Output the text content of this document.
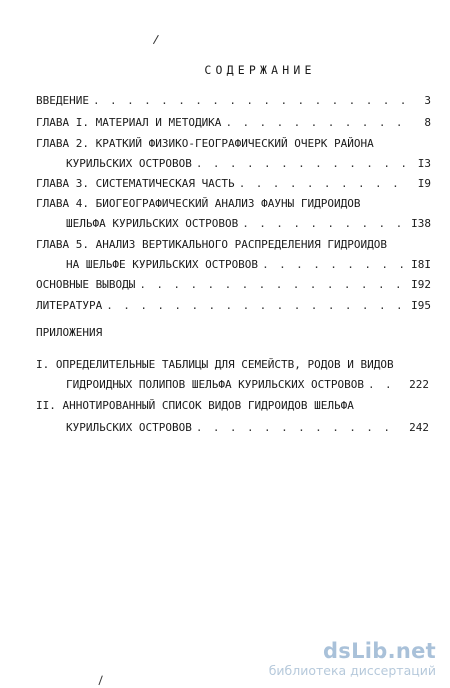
СОДЕРЖАНИЕ
ВВЕДЕНИЕ . . .	3
ГЛАВА I. МАТЕРИАЛ И МЕТОДИКА . . .	8
ГЛАВА 2. КРАТКИЙ ФИЗИКО-ГЕОГРАФИЧЕСКИЙ ОЧЕРК РАЙОНА
КУРИЛЬСКИХ ОСТРОВОВ . . .	I3
ГЛАВА 3. СИСТЕМАТИЧЕСКАЯ ЧАСТЬ . . .	I9
ГЛАВА 4. БИОГЕОГРАФИЧЕСКИЙ АНАЛИЗ ФАУНЫ ГИДРОИДОВ
ШЕЛЬФА КУРИЛЬСКИХ ОСТРОВОВ . . .	I38
ГЛАВА 5. АНАЛИЗ ВЕРТИКАЛЬНОГО РАСПРЕДЕЛЕНИЯ ГИДРОИДОВ
НА ШЕЛЬФЕ КУРИЛЬСКИХ ОСТРОВОВ . . .	I8I
ОСНОВНЫЕ ВЫВОДЫ . . .	I92
ЛИТЕРАТУРА . . .	I95
ПРИЛОЖЕНИЯ
I. ОПРЕДЕЛИТЕЛЬНЫЕ ТАБЛИЦЫ ДЛЯ СЕМЕЙСТВ, РОДОВ И ВИДОВ
ГИДРОИДНЫХ ПОЛИПОВ ШЕЛЬФА КУРИЛЬСКИХ ОСТРОВОВ . . .	222
II. АННОТИРОВАННЫЙ СПИСОК ВИДОВ ГИДРОИДОВ ШЕЛЬФА
КУРИЛЬСКИХ ОСТРОВОВ . . .	242
dsLib.net
библиотека диссертаций
